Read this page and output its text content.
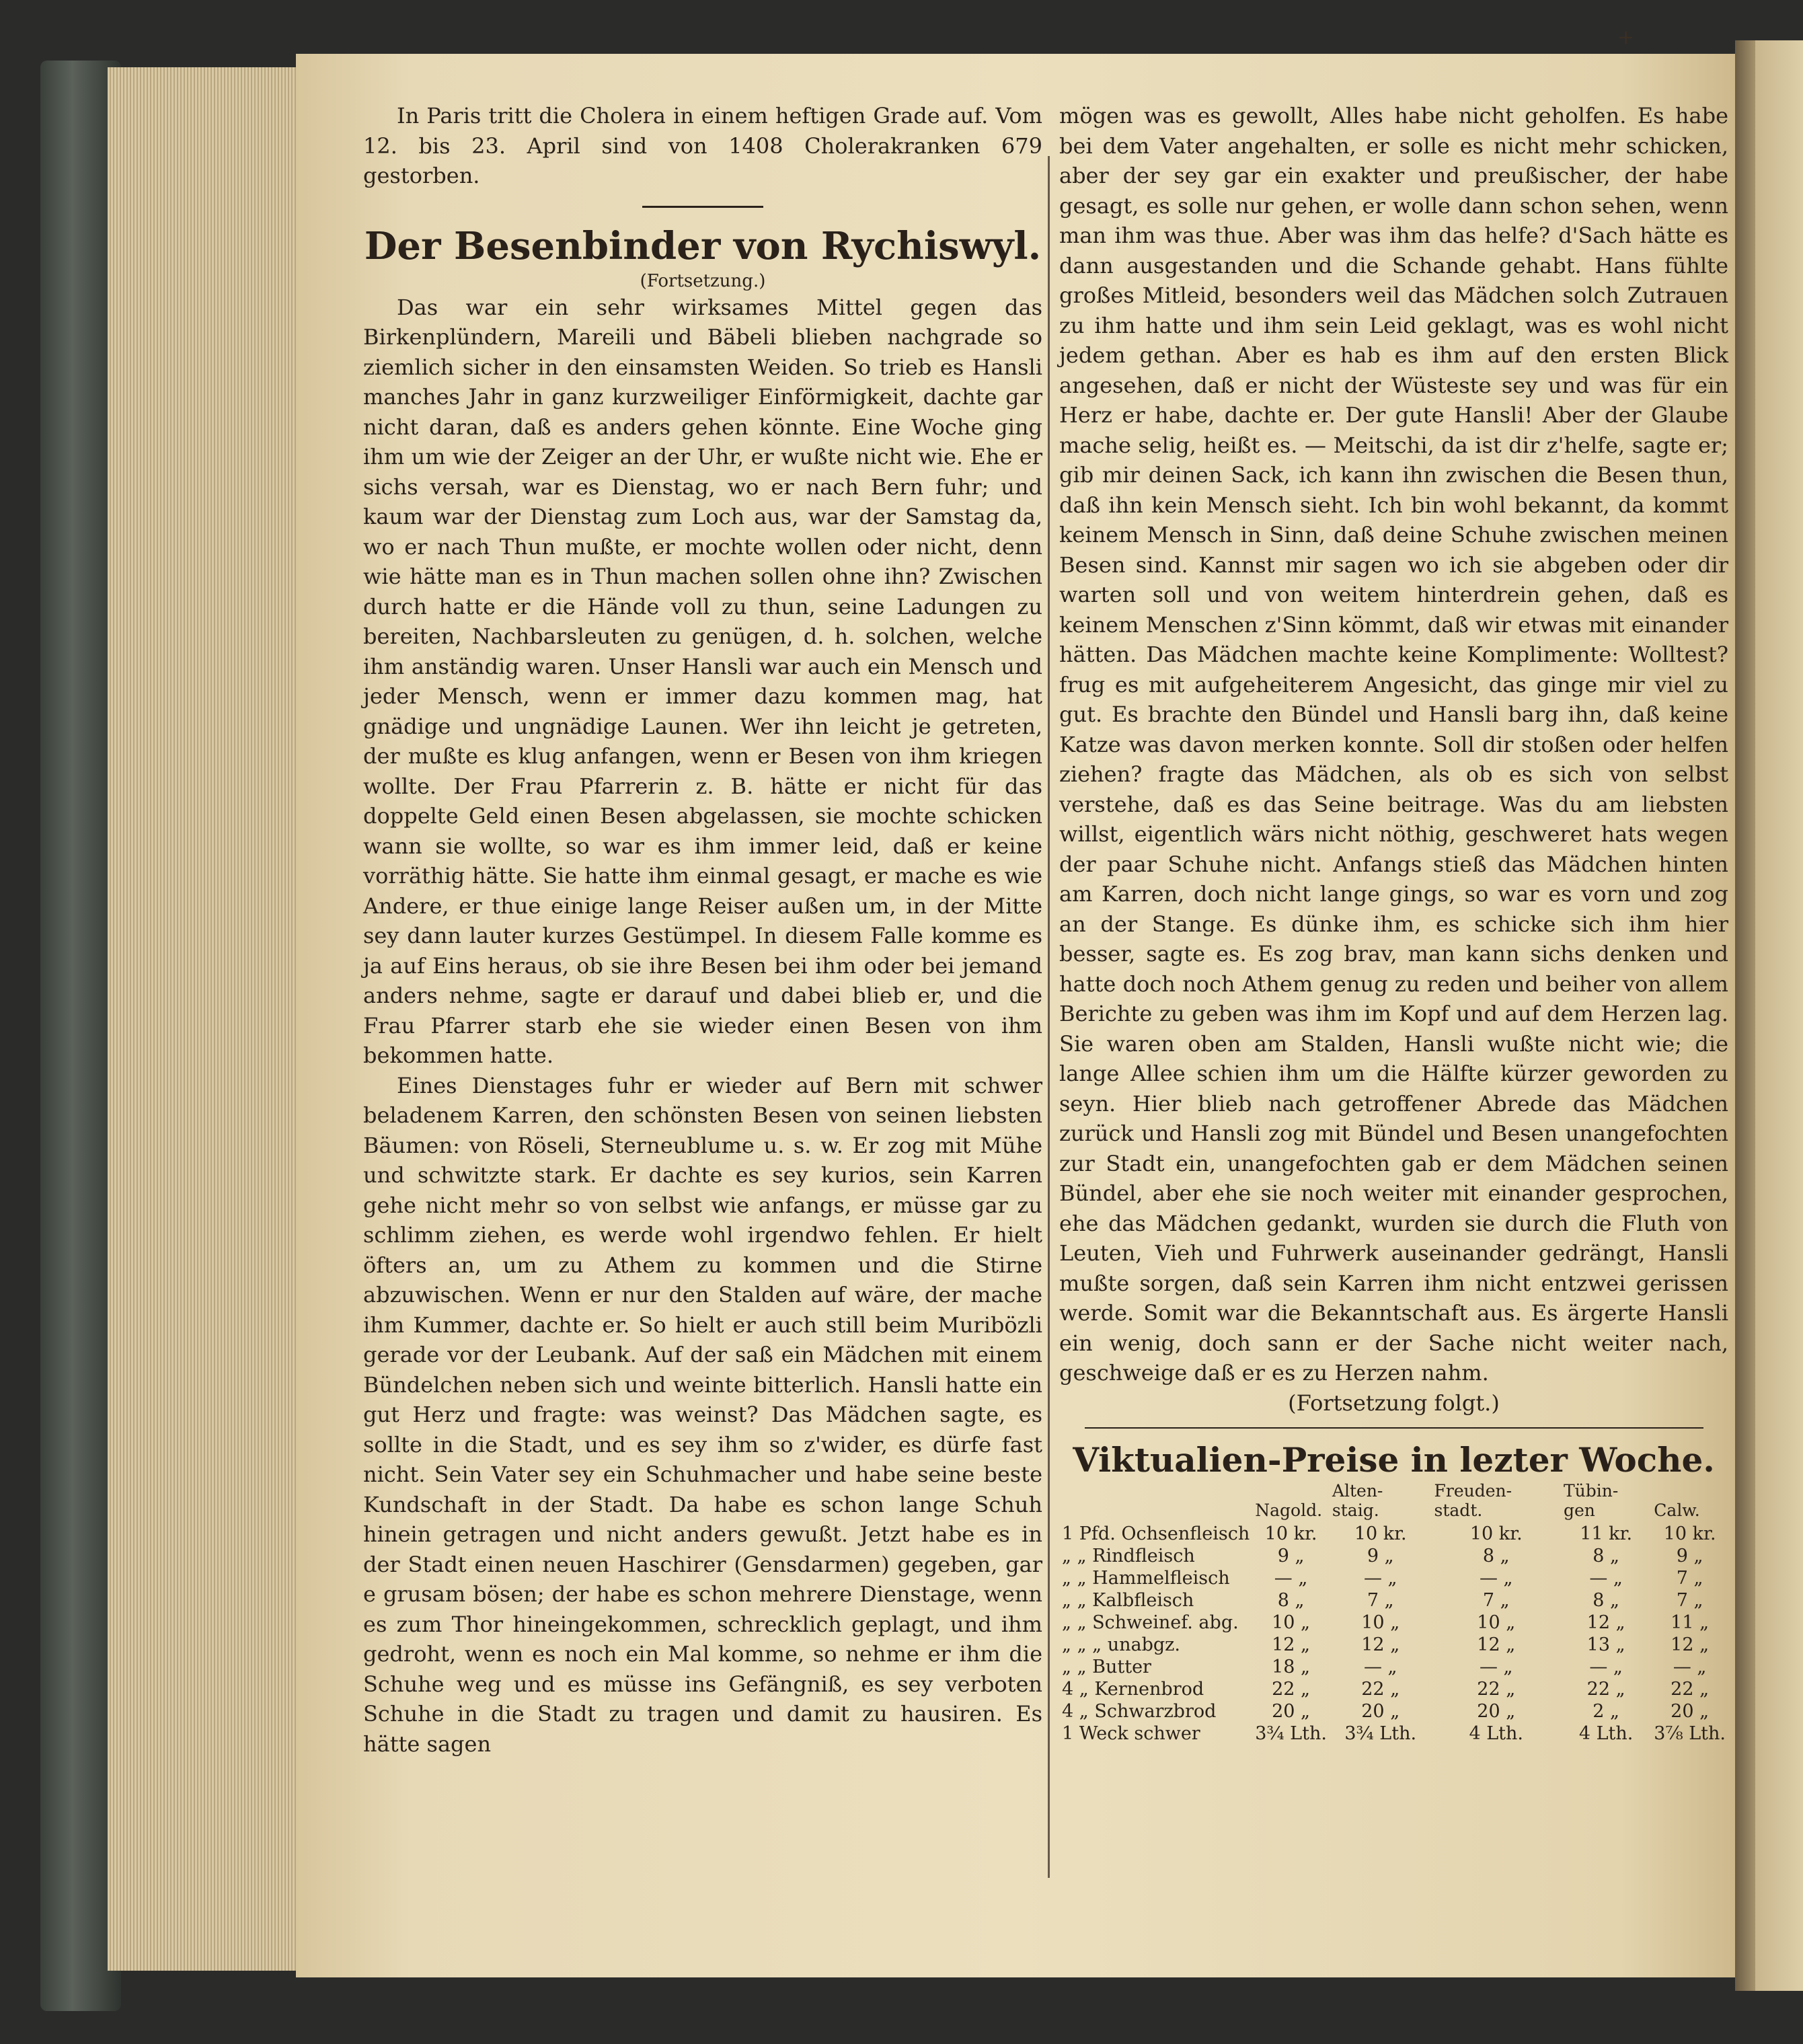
+

In Paris tritt die Cholera in einem heftigen Grade auf. Vom 12. bis 23. April sind von 1408 Cholerakranken 679 gestorben.

Der Besenbinder von Rychiswyl.

(Fortsetzung.)

Das war ein sehr wirksames Mittel gegen das Birkenplündern, Mareili und Bäbeli blieben nachgrade so ziemlich sicher in den einsamsten Weiden. So trieb es Hansli manches Jahr in ganz kurzweiliger Einförmigkeit, dachte gar nicht daran, daß es anders gehen könnte. Eine Woche ging ihm um wie der Zeiger an der Uhr, er wußte nicht wie. Ehe er sichs versah, war es Dienstag, wo er nach Bern fuhr; und kaum war der Dienstag zum Loch aus, war der Samstag da, wo er nach Thun mußte, er mochte wollen oder nicht, denn wie hätte man es in Thun machen sollen ohne ihn? Zwischen durch hatte er die Hände voll zu thun, seine Ladungen zu bereiten, Nachbarsleuten zu genügen, d. h. solchen, welche ihm anständig waren. Unser Hansli war auch ein Mensch und jeder Mensch, wenn er immer dazu kommen mag, hat gnädige und ungnädige Launen. Wer ihn leicht je getreten, der mußte es klug anfangen, wenn er Besen von ihm kriegen wollte. Der Frau Pfarrerin z. B. hätte er nicht für das doppelte Geld einen Besen abgelassen, sie mochte schicken wann sie wollte, so war es ihm immer leid, daß er keine vorräthig hätte. Sie hatte ihm einmal gesagt, er mache es wie Andere, er thue einige lange Reiser außen um, in der Mitte sey dann lauter kurzes Gestümpel. In diesem Falle komme es ja auf Eins heraus, ob sie ihre Besen bei ihm oder bei jemand anders nehme, sagte er darauf und dabei blieb er, und die Frau Pfarrer starb ehe sie wieder einen Besen von ihm bekommen hatte.

Eines Dienstages fuhr er wieder auf Bern mit schwer beladenem Karren, den schönsten Besen von seinen liebsten Bäumen: von Röseli, Sterneublume u. s. w. Er zog mit Mühe und schwitzte stark. Er dachte es sey kurios, sein Karren gehe nicht mehr so von selbst wie anfangs, er müsse gar zu schlimm ziehen, es werde wohl irgendwo fehlen. Er hielt öfters an, um zu Athem zu kommen und die Stirne abzuwischen. Wenn er nur den Stalden auf wäre, der mache ihm Kummer, dachte er. So hielt er auch still beim Muribözli gerade vor der Leubank. Auf der saß ein Mädchen mit einem Bündelchen neben sich und weinte bitterlich. Hansli hatte ein gut Herz und fragte: was weinst? Das Mädchen sagte, es sollte in die Stadt, und es sey ihm so z'wider, es dürfe fast nicht. Sein Vater sey ein Schuhmacher und habe seine beste Kundschaft in der Stadt. Da habe es schon lange Schuh hinein getragen und nicht anders gewußt. Jetzt habe es in der Stadt einen neuen Haschirer (Gensdarmen) gegeben, gar e grusam bösen; der habe es schon mehrere Dienstage, wenn es zum Thor hineingekommen, schrecklich geplagt, und ihm gedroht, wenn es noch ein Mal komme, so nehme er ihm die Schuhe weg und es müsse ins Gefängniß, es sey verboten Schuhe in die Stadt zu tragen und damit zu hausiren. Es hätte sagen

mögen was es gewollt, Alles habe nicht geholfen. Es habe bei dem Vater angehalten, er solle es nicht mehr schicken, aber der sey gar ein exakter und preußischer, der habe gesagt, es solle nur gehen, er wolle dann schon sehen, wenn man ihm was thue. Aber was ihm das helfe? d'Sach hätte es dann ausgestanden und die Schande gehabt. Hans fühlte großes Mitleid, besonders weil das Mädchen solch Zutrauen zu ihm hatte und ihm sein Leid geklagt, was es wohl nicht jedem gethan. Aber es hab es ihm auf den ersten Blick angesehen, daß er nicht der Wüsteste sey und was für ein Herz er habe, dachte er. Der gute Hansli! Aber der Glaube mache selig, heißt es. — Meitschi, da ist dir z'helfe, sagte er; gib mir deinen Sack, ich kann ihn zwischen die Besen thun, daß ihn kein Mensch sieht. Ich bin wohl bekannt, da kommt keinem Mensch in Sinn, daß deine Schuhe zwischen meinen Besen sind. Kannst mir sagen wo ich sie abgeben oder dir warten soll und von weitem hinterdrein gehen, daß es keinem Menschen z'Sinn kömmt, daß wir etwas mit einander hätten. Das Mädchen machte keine Komplimente: Wolltest? frug es mit aufgeheiterem Angesicht, das ginge mir viel zu gut. Es brachte den Bündel und Hansli barg ihn, daß keine Katze was davon merken konnte. Soll dir stoßen oder helfen ziehen? fragte das Mädchen, als ob es sich von selbst verstehe, daß es das Seine beitrage. Was du am liebsten willst, eigentlich wärs nicht nöthig, geschweret hats wegen der paar Schuhe nicht. Anfangs stieß das Mädchen hinten am Karren, doch nicht lange gings, so war es vorn und zog an der Stange. Es dünke ihm, es schicke sich ihm hier besser, sagte es. Es zog brav, man kann sichs denken und hatte doch noch Athem genug zu reden und beiher von allem Berichte zu geben was ihm im Kopf und auf dem Herzen lag. Sie waren oben am Stalden, Hansli wußte nicht wie; die lange Allee schien ihm um die Hälfte kürzer geworden zu seyn. Hier blieb nach getroffener Abrede das Mädchen zurück und Hansli zog mit Bündel und Besen unangefochten zur Stadt ein, unangefochten gab er dem Mädchen seinen Bündel, aber ehe sie noch weiter mit einander gesprochen, ehe das Mädchen gedankt, wurden sie durch die Fluth von Leuten, Vieh und Fuhrwerk auseinander gedrängt, Hansli mußte sorgen, daß sein Karren ihm nicht entzwei gerissen werde. Somit war die Bekanntschaft aus. Es ärgerte Hansli ein wenig, doch sann er der Sache nicht weiter nach, geschweige daß er es zu Herzen nahm.

(Fortsetzung folgt.)

Viktualien-Preise in lezter Woche.
	Nagold.	Alten-staig.	Freuden-stadt.	Tübin-gen	Calw.
1 Pfd. Ochsenfleisch	10 kr.	10 kr.	10 kr.	11 kr.	10 kr.
„ „ Rindfleisch	9 „	9 „	8 „	8 „	9 „
„ „ Hammelfleisch	— „	— „	— „	— „	7 „
„ „ Kalbfleisch	8 „	7 „	7 „	8 „	7 „
„ „ Schweinef. abg.	10 „	10 „	10 „	12 „	11 „
„ „ „ unabgz.	12 „	12 „	12 „	13 „	12 „
„ „ Butter	18 „	— „	— „	— „	— „
4 „ Kernenbrod	22 „	22 „	22 „	22 „	22 „
4 „ Schwarzbrod	20 „	20 „	20 „	2 „	20 „
1 Weck schwer	3¾ Lth.	3¾ Lth.	4 Lth.	4 Lth.	3⅞ Lth.
